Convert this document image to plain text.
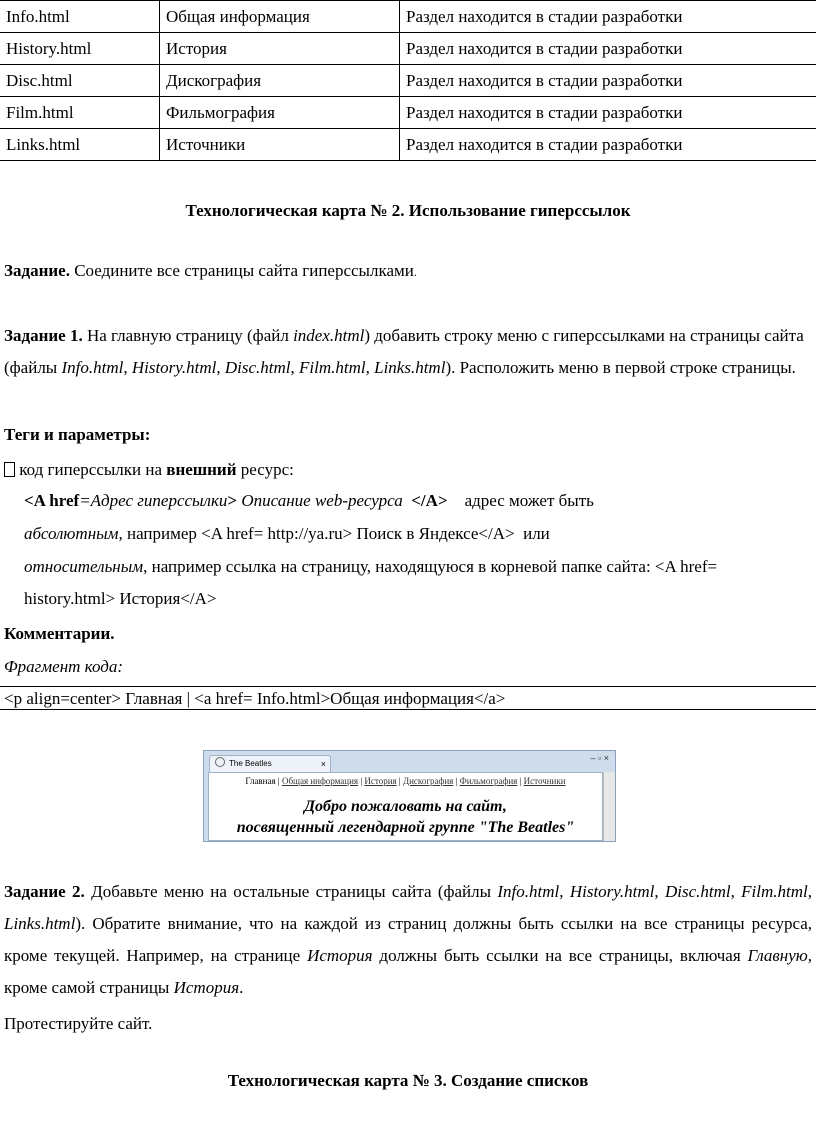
Info.html	Общая информация	Раздел находится в стадии разработки
History.html	История	Раздел находится в стадии разработки
Disc.html	Дискография	Раздел находится в стадии разработки
Film.html	Фильмография	Раздел находится в стадии разработки
Links.html	Источники	Раздел находится в стадии разработки
Технологическая карта № 2. Использование гиперссылок
Задание. Соедините все страницы сайта гиперссылками.
Задание 1. На главную страницу (файл index.html) добавить строку меню с гиперссылками на страницы сайта (файлы Info.html, History.html, Disc.html, Film.html, Links.html). Расположить меню в первой строке страницы.
Теги и параметры:
код гиперссылки на внешний ресурс:
<A href=Адрес гиперссылки> Описание web-ресурса  </A>    адрес может быть
абсолютным, например <A href= http://ya.ru> Поиск в Яндексе</A>  или
относительным, например ссылка на страницу, находящуюся в корневой папке сайта: <A href=
history.html> История</A>
Комментарии.
Фрагмент кода:
<p align=center> Главная | <a href= Info.html>Общая информация</a>
The Beatles	×
‒ ▫ ×
Главная | Общая информация | История | Дискография | Фильмография | Источники
Добро пожаловать на сайт,
посвященный легендарной группе "The Beatles"
Задание 2. Добавьте меню на остальные страницы сайта (файлы Info.html, History.html, Disc.html, Film.html, Links.html). Обратите внимание, что на каждой из страниц должны быть ссылки на все страницы ресурса, кроме текущей. Например, на странице История должны быть ссылки на все страницы, включая Главную, кроме самой страницы История.
Протестируйте сайт.
Технологическая карта № 3. Создание списков
